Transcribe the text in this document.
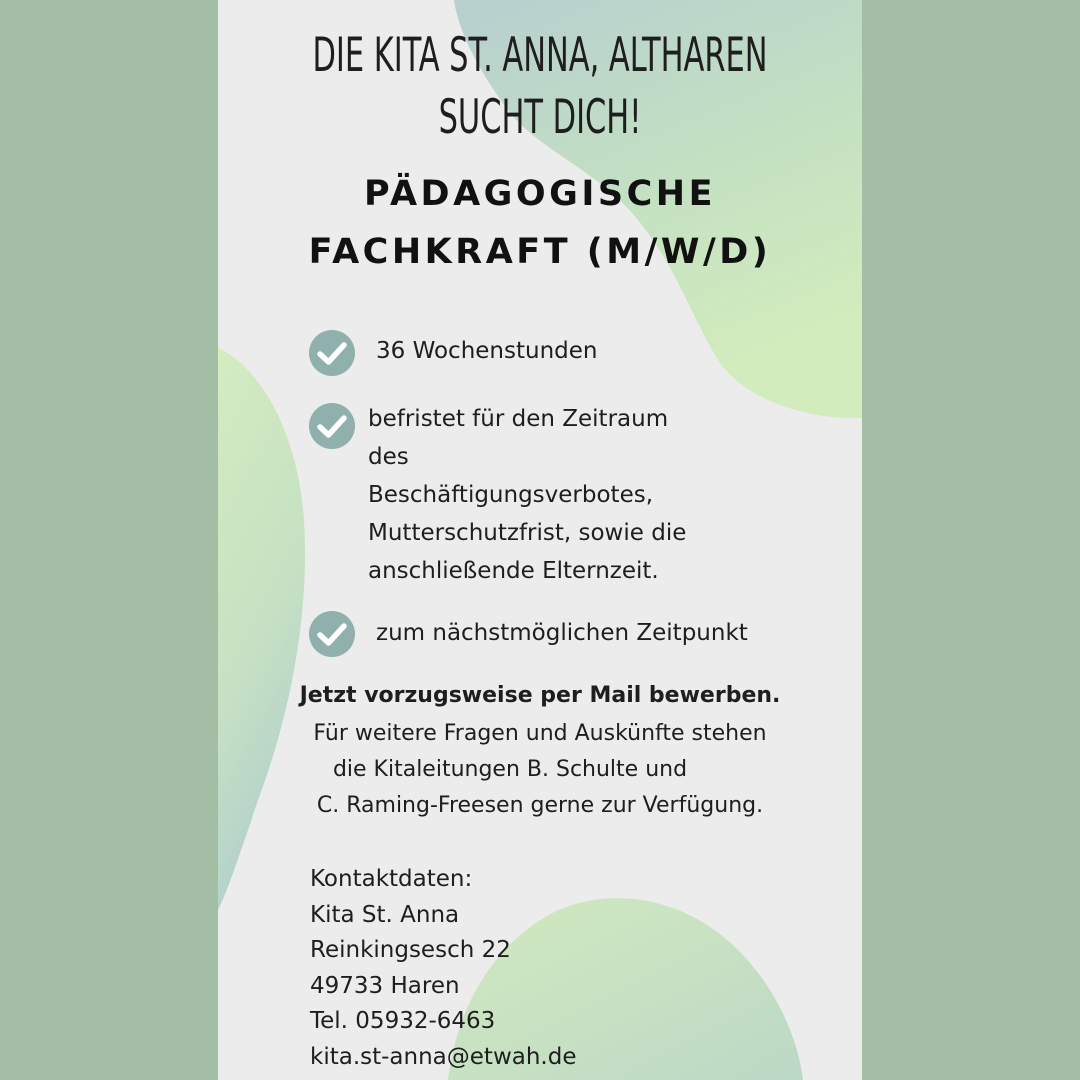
DIE KITA ST. ANNA, ALTHAREN
SUCHT DICH!
PÄDAGOGISCHE
FACHKRAFT (M/W/D)
36 Wochenstunden
befristet für den Zeitraum
des
Beschäftigungsverbotes,
Mutterschutzfrist, sowie die
anschließende Elternzeit.
zum nächstmöglichen Zeitpunkt
Jetzt vorzugsweise per Mail bewerben.
Für weitere Fragen und Auskünfte stehen
die Kitaleitungen B. Schulte und
C. Raming-Freesen gerne zur Verfügung.
Kontaktdaten:
Kita St. Anna
Reinkingsesch 22
49733 Haren
Tel. 05932-6463
kita.st-anna@etwah.de
